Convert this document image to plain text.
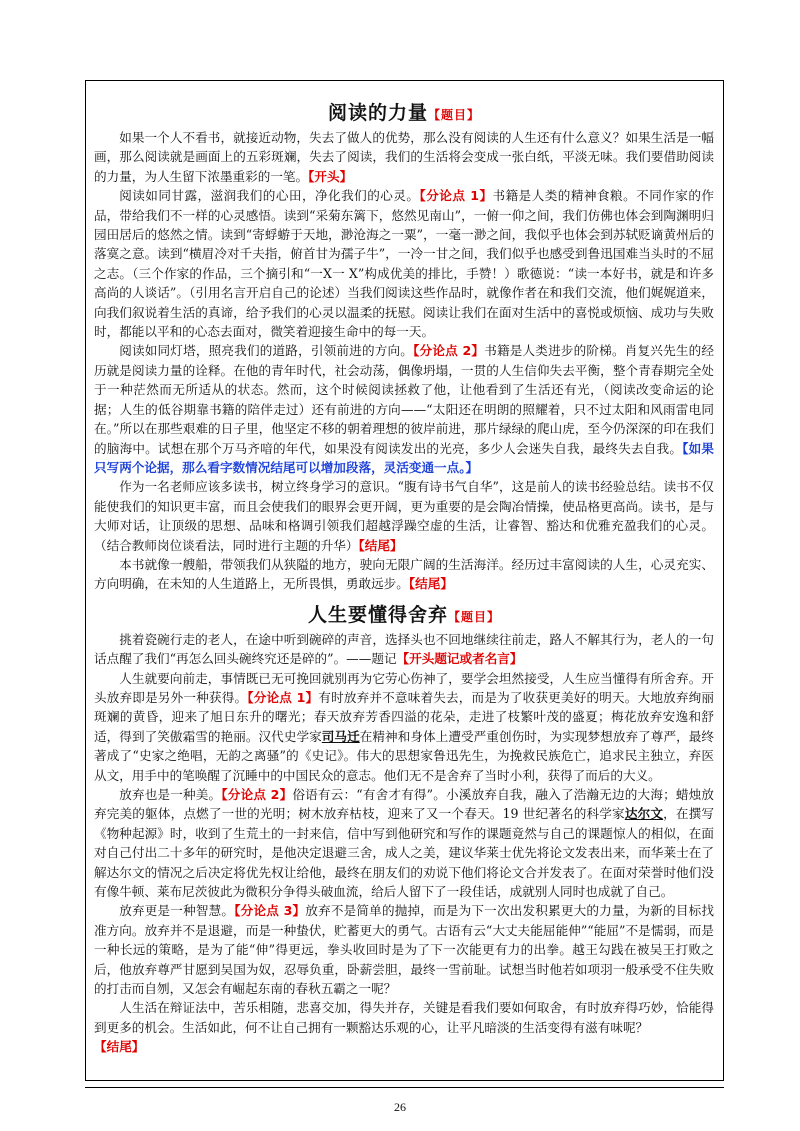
阅读的力量【题目】

如果一个人不看书，就接近动物，失去了做人的优势，那么没有阅读的人生还有什么意义？如果生活是一幅画，那么阅读就是画面上的五彩斑斓，失去了阅读，我们的生活将会变成一张白纸，平淡无味。我们要借助阅读的力量，为人生留下浓墨重彩的一笔。【开头】

阅读如同甘露，滋润我们的心田，净化我们的心灵。【分论点 1】书籍是人类的精神食粮。不同作家的作品，带给我们不一样的心灵感悟。读到“采菊东篱下，悠然见南山”，一俯一仰之间，我们仿佛也体会到陶渊明归园田居后的悠然之情。读到“寄蜉蝣于天地，渺沧海之一粟”，一毫一渺之间，我似乎也体会到苏轼贬谪黄州后的落寞之意。读到“横眉冷对千夫指，俯首甘为孺子牛”，一冷一甘之间，我们似乎也感受到鲁迅国难当头时的不屈之志。（三个作家的作品，三个摘引和“一X一 X”构成优美的排比，手赞！）歌德说：“读一本好书，就是和许多高尚的人谈话”。（引用名言开启自己的论述）当我们阅读这些作品时，就像作者在和我们交流，他们娓娓道来，向我们叙说着生活的真谛，给予我们的心灵以温柔的抚慰。阅读让我们在面对生活中的喜悦或烦恼、成功与失败时，都能以平和的心态去面对，微笑着迎接生命中的每一天。

阅读如同灯塔，照亮我们的道路，引领前进的方向。【分论点 2】书籍是人类进步的阶梯。肖复兴先生的经历就是阅读力量的诠释。在他的青年时代，社会动荡，偶像坍塌，一贯的人生信仰失去平衡，整个青春期完全处于一种茫然而无所适从的状态。然而，这个时候阅读拯救了他，让他看到了生活还有光，（阅读改变命运的论据；人生的低谷期靠书籍的陪伴走过）还有前进的方向——“太阳还在明朗的照耀着，只不过太阳和风雨雷电同在。”所以在那些艰难的日子里，他坚定不移的朝着理想的彼岸前进，那片绿绿的爬山虎，至今仍深深的印在我们的脑海中。试想在那个万马齐喑的年代，如果没有阅读发出的光亮，多少人会迷失自我，最终失去自我。【如果只写两个论据，那么看字数情况结尾可以增加段落，灵活变通一点。】

作为一名老师应该多读书，树立终身学习的意识。“腹有诗书气自华”，这是前人的读书经验总结。读书不仅能使我们的知识更丰富，而且会使我们的眼界会更开阔，更为重要的是会陶冶情操，使品格更高尚。读书，是与大师对话，让顶级的思想、品味和格调引领我们超越浮躁空虚的生活，让睿智、豁达和优雅充盈我们的心灵。（结合教师岗位谈看法，同时进行主题的升华）【结尾】

本书就像一艘船，带领我们从狭隘的地方，驶向无限广阔的生活海洋。经历过丰富阅读的人生，心灵充实、方向明确，在未知的人生道路上，无所畏惧，勇敢远步。【结尾】

人生要懂得舍弃【题目】

挑着瓷碗行走的老人，在途中听到碗碎的声音，选择头也不回地继续往前走，路人不解其行为，老人的一句话点醒了我们“再怎么回头碗终究还是碎的”。——题记【开头题记或者名言】

人生就要向前走，事情既已无可挽回就别再为它劳心伤神了，要学会坦然接受，人生应当懂得有所舍弃。开头放弃即是另外一种获得。【分论点 1】有时放弃并不意味着失去，而是为了收获更美好的明天。大地放弃绚丽斑斓的黄昏，迎来了旭日东升的曙光；春天放弃芳香四溢的花朵，走进了枝繁叶茂的盛夏；梅花放弃安逸和舒适，得到了笑傲霜雪的艳丽。汉代史学家司马迁在精神和身体上遭受严重创伤时，为实现梦想放弃了尊严，最终著成了“史家之绝唱，无韵之离骚”的《史记》。伟大的思想家鲁迅先生，为挽救民族危亡，追求民主独立，弃医从文，用手中的笔唤醒了沉睡中的中国民众的意志。他们无不是舍弃了当时小利，获得了而后的大义。

放弃也是一种美。【分论点 2】俗语有云：“有舍才有得”。小溪放弃自我，融入了浩瀚无边的大海；蜡烛放弃完美的躯体，点燃了一世的光明；树木放弃枯枝，迎来了又一个春天。19 世纪著名的科学家达尔文，在撰写《物种起源》时，收到了生荒土的一封来信，信中写到他研究和写作的课题竟然与自己的课题惊人的相似，在面对自己付出二十多年的研究时，是他决定退避三舍，成人之美，建议华莱士优先将论文发表出来，而华莱士在了解达尔文的情况之后决定将优先权让给他，最终在朋友们的劝说下他们将论文合并发表了。在面对荣誉时他们没有像牛顿、莱布尼茨彼此为微积分争得头破血流，给后人留下了一段佳话，成就别人同时也成就了自己。

放弃更是一种智慧。【分论点 3】放弃不是简单的抛掉，而是为下一次出发积累更大的力量，为新的目标找准方向。放弃并不是退避，而是一种蛰伏，贮蓄更大的勇气。古语有云“大丈夫能屈能伸”“能屈”不是懦弱，而是一种长远的策略，是为了能“伸”得更远，拳头收回时是为了下一次能更有力的出拳。越王勾践在被吴王打败之后，他放弃尊严甘愿到吴国为奴，忍辱负重，卧薪尝胆，最终一雪前耻。试想当时他若如项羽一般承受不住失败的打击而自刎，又怎会有崛起东南的春秋五霸之一呢？

人生活在辩证法中，苦乐相随，悲喜交加，得失并存，关键是看我们要如何取舍，有时放弃得巧妙，恰能得到更多的机会。生活如此，何不让自己拥有一颗豁达乐观的心，让平凡暗淡的生活变得有滋有味呢？

【结尾】

26
